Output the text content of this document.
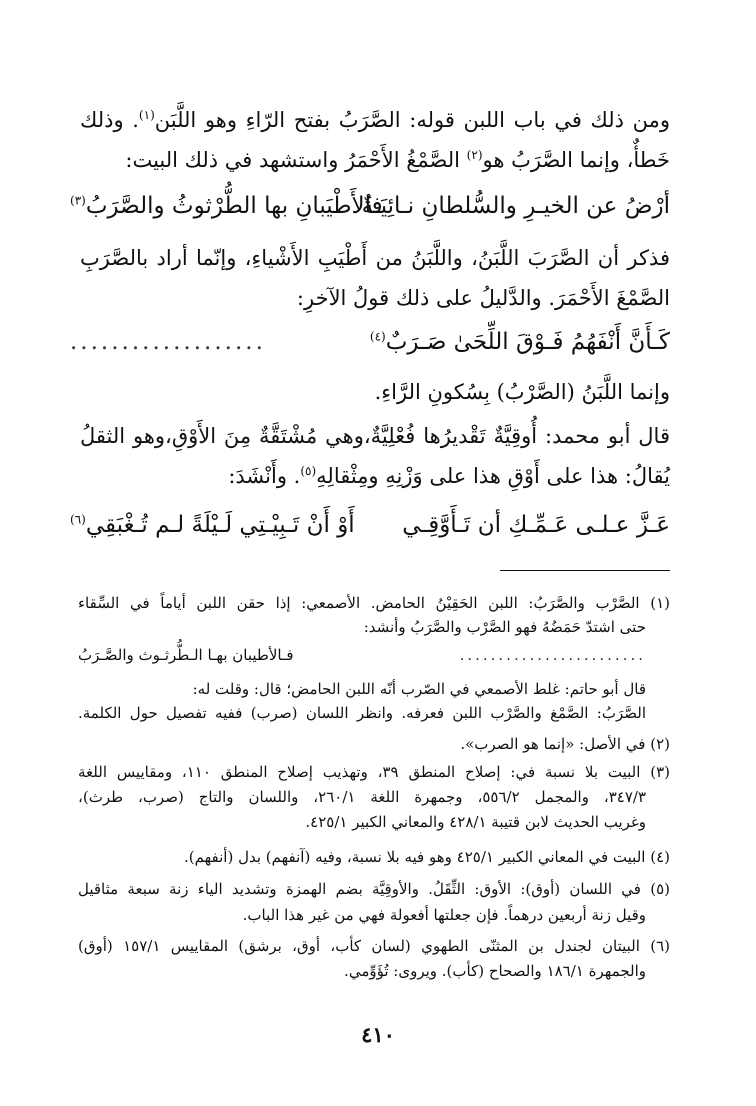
ومن ذلك في باب اللبن قوله: الصَّرَبُ بفتح الرّاءِ وهو اللَّبَن$^{(١)}$. وذلك
خَطأٌ، وإنما الصَّرَبُ هو$^{(٢)}$ الصَّمْغُ الأَحْمَرُ واستشهد في ذلك البيت:
أرْضُ عن الخيـرِ والسُّلطانِ نـائِيَـةٌ
فالأَطْيَبانِ بها الطُّرْثوثُ والصَّرَبُ$^{(٣)}$
فذكر أن الصَّرَبَ اللَّبَنُ، واللَّبَنُ من أَطْيَبِ الأَشْياءِ، وإنّما أراد بالصَّرَبِ
الصَّمْغَ الأَحْمَرَ. والدَّليلُ على ذلك قولُ الآخرِ:
كَـأَنَّ أَنْفَهُمُ فَـوْقَ اللِّحَىٰ صَـرَبٌ$^{(٤)}$
...................
وإنما اللَّبَنُ (الصَّرْبُ) بِسُكونِ الرَّاءِ.
قال أبو محمد: أُوقِيَّةٌ تَقْديرُها فُعْلِيَّةٌ،وهي مُشْتَقَّةٌ مِنَ الأَوْقِ،وهو الثقلُ
يُقالُ: هذا على أَوْقِ هذا على وَزْنِهِ ومِثْقالِهِ$^{(٥)}$. وأَنْشَدَ:
عَـزَّ عـلـى عَـمِّـكِ أن تَـأَوَّقِـي
أَوْ أَنْ تَـبِيْـتِي لَـيْلَةً لـم تُـغْبَقِي$^{(٦)}$
(١) الصَّرْب والصَّرَبُ: اللبن الحَقِيْنُ الحامض. الأصمعي: إذا حقن اللبن أياماً في السِّقاء
حتى اشتدّ حَمَضُهُ فهو الصَّرْب والصَّرَبُ وأنشد:
........................
فـالأطيبان بهـا الـطُّرثـوث والصَّـرَبُ
قال أبو حاتم: غلط الأصمعي في الصّرب أنّه اللبن الحامض؛ قال: وقلت له:
الصَّرَبُ: الصَّمْغ والصَّرْب اللبن فعرفه. وانظر اللسان (صرب) ففيه تفصيل حول الكلمة.
(٢) في الأصل: «إنما هو الصرب».
(٣) البيت بلا نسبة في: إصلاح المنطق ٣٩، وتهذيب إصلاح المنطق ١١٠، ومقاييس اللغة
٣٤٧/٣، والمجمل ٥٥٦/٢، وجمهرة اللغة ٢٦٠/١، واللسان والتاج (صرب، طرث)،
وغريب الحديث لابن قتيبة ٤٢٨/١ والمعاني الكبير ٤٢٥/١.
(٤) البيت في المعاني الكبير ٤٢٥/١ وهو فيه بلا نسبة، وفيه (آنفهم) بدل (أنفهم).
(٥) في اللسان (أوق): الأوق: الثِّقَلُ. والأوقِيَّة بضم الهمزة وتشديد الياء زنة سبعة مثاقيل
وقيل زنة أربعين درهماً. فإن جعلتها أفعولة فهي من غير هذا الباب.
(٦) البيتان لجندل بن المثنّى الطهوي (لسان كأب، أوق، برشق) المقاييس ١٥٧/١ (أوق)
والجمهرة ١٨٦/١ والصحاح (كأب). ويروى: تُؤَوِّمي.
٤١٠
